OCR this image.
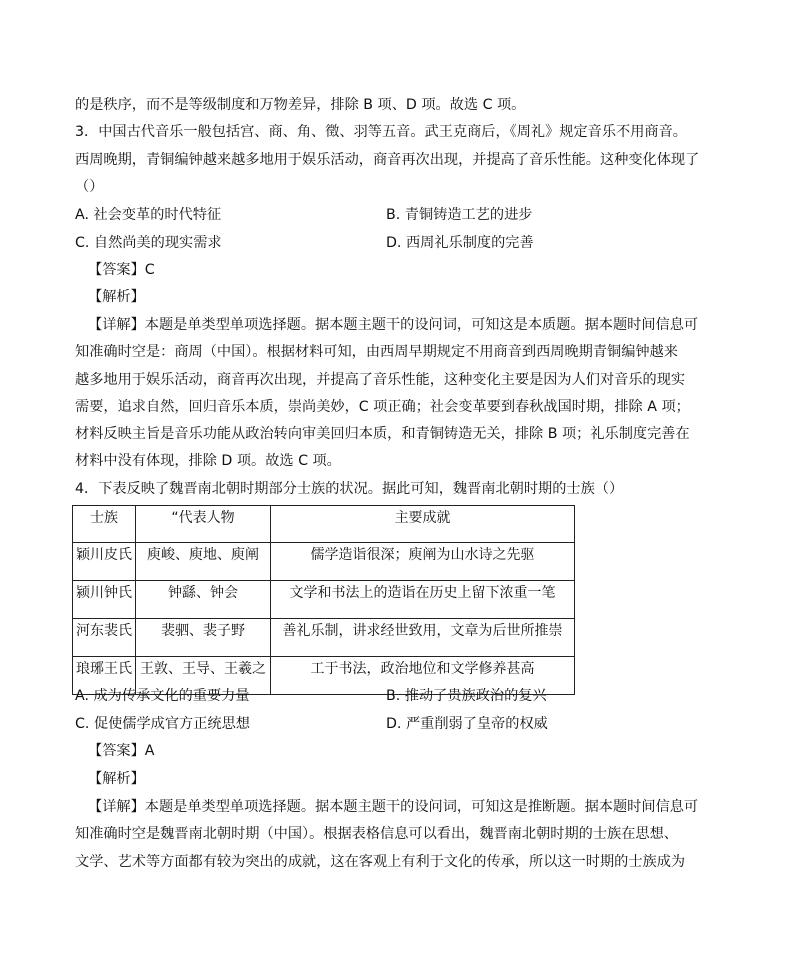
的是秩序，而不是等级制度和万物差异，排除 B 项、D 项。故选 C 项。
3．中国古代音乐一般包括宫、商、角、徵、羽等五音。武王克商后，《周礼》规定音乐不用商音。
西周晚期，青铜编钟越来越多地用于娱乐活动，商音再次出现，并提高了音乐性能。这种变化体现了
（）
A. 社会变革的时代特征	B. 青铜铸造工艺的进步
C. 自然尚美的现实需求	D. 西周礼乐制度的完善
【答案】C
【解析】
【详解】本题是单类型单项选择题。据本题主题干的设问词，可知这是本质题。据本题时间信息可
知准确时空是：商周（中国）。根据材料可知，由西周早期规定不用商音到西周晚期青铜编钟越来
越多地用于娱乐活动，商音再次出现，并提高了音乐性能，这种变化主要是因为人们对音乐的现实
需要，追求自然，回归音乐本质，崇尚美妙，C 项正确；社会变革要到春秋战国时期，排除 A 项；
材料反映主旨是音乐功能从政治转向审美回归本质，和青铜铸造无关，排除 B 项；礼乐制度完善在
材料中没有体现，排除 D 项。故选 C 项。
4．下表反映了魏晋南北朝时期部分士族的状况。据此可知，魏晋南北朝时期的士族（）
士族	“代表人物	主要成就
颖川皮氏	庾峻、庾地、庾阐	儒学造诣很深；庾阐为山水诗之先驱
颍川钟氏	钟繇、钟会	文学和书法上的造诣在历史上留下浓重一笔
河东裴氏	裴驷、裴子野	善礼乐制，讲求经世致用，文章为后世所推崇
琅琊王氏	王敦、王导、王羲之	工于书法，政治地位和文学修养甚高
A. 成为传承文化的重要力量	B. 推动了贵族政治的复兴
C. 促使儒学成官方正统思想	D. 严重削弱了皇帝的权威
【答案】A
【解析】
【详解】本题是单类型单项选择题。据本题主题干的设问词，可知这是推断题。据本题时间信息可
知准确时空是魏晋南北朝时期（中国）。根据表格信息可以看出，魏晋南北朝时期的士族在思想、
文学、艺术等方面都有较为突出的成就，这在客观上有利于文化的传承，所以这一时期的士族成为
